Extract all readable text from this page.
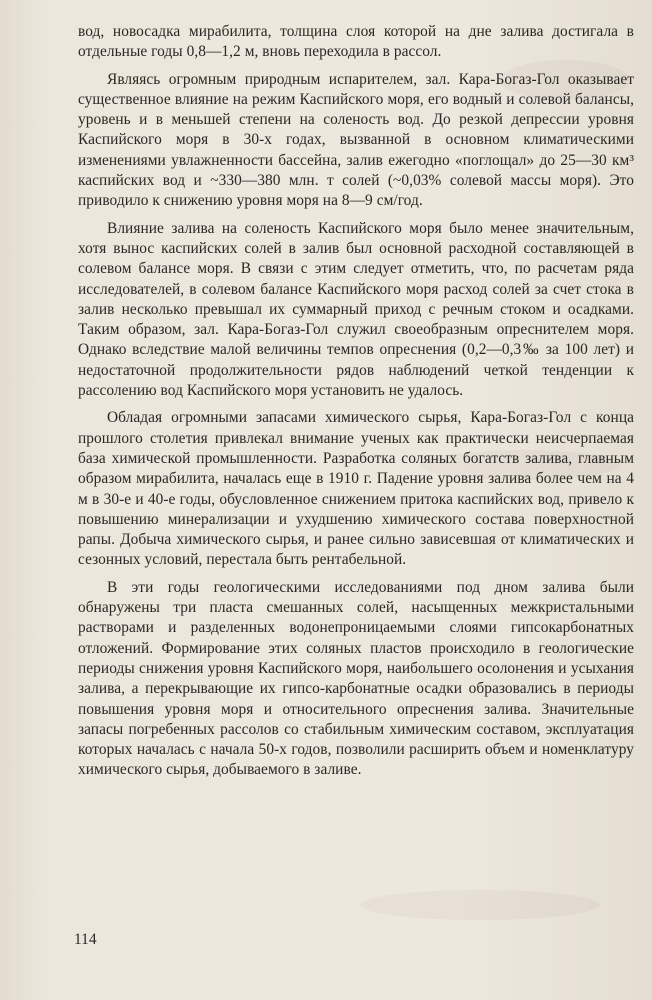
вод, новосадка мирабилита, толщина слоя которой на дне залива достигала в отдельные годы 0,8—1,2 м, вновь переходила в рассол.

Являясь огромным природным испарителем, зал. Кара-Богаз-Гол оказывает существенное влияние на режим Каспийского моря, его водный и солевой балансы, уровень и в меньшей степени на соленость вод. До резкой депрессии уровня Каспийского моря в 30-х годах, вызванной в основном климатическими изменениями увлажненности бассейна, залив ежегодно «поглощал» до 25—30 км³ каспийских вод и ~330—380 млн. т солей (~0,03% солевой массы моря). Это приводило к снижению уровня моря на 8—9 см/год.

Влияние залива на соленость Каспийского моря было менее значительным, хотя вынос каспийских солей в залив был основной расходной составляющей в солевом балансе моря. В связи с этим следует отметить, что, по расчетам ряда исследователей, в солевом балансе Каспийского моря расход солей за счет стока в залив несколько превышал их суммарный приход с речным стоком и осадками. Таким образом, зал. Кара-Богаз-Гол служил своеобразным опреснителем моря. Однако вследствие малой величины темпов опреснения (0,2—0,3‰ за 100 лет) и недостаточной продолжительности рядов наблюдений четкой тенденции к рассолению вод Каспийского моря установить не удалось.

Обладая огромными запасами химического сырья, Кара-Богаз-Гол с конца прошлого столетия привлекал внимание ученых как практически неисчерпаемая база химической промышленности. Разработка соляных богатств залива, главным образом мирабилита, началась еще в 1910 г. Падение уровня залива более чем на 4 м в 30-е и 40-е годы, обусловленное снижением притока каспийских вод, привело к повышению минерализации и ухудшению химического состава поверхностной рапы. Добыча химического сырья, и ранее сильно зависевшая от климатических и сезонных условий, перестала быть рентабельной.

В эти годы геологическими исследованиями под дном залива были обнаружены три пласта смешанных солей, насыщенных межкристальными растворами и разделенных водонепроницаемыми слоями гипсокарбонатных отложений. Формирование этих соляных пластов происходило в геологические периоды снижения уровня Каспийского моря, наибольшего осолонения и усыхания залива, а перекрывающие их гипсо-карбонатные осадки образовались в периоды повышения уровня моря и относительного опреснения залива. Значительные запасы погребенных рассолов со стабильным химическим составом, эксплуатация которых началась с начала 50-х годов, позволили расширить объем и номенклатуру химического сырья, добываемого в заливе.

114
